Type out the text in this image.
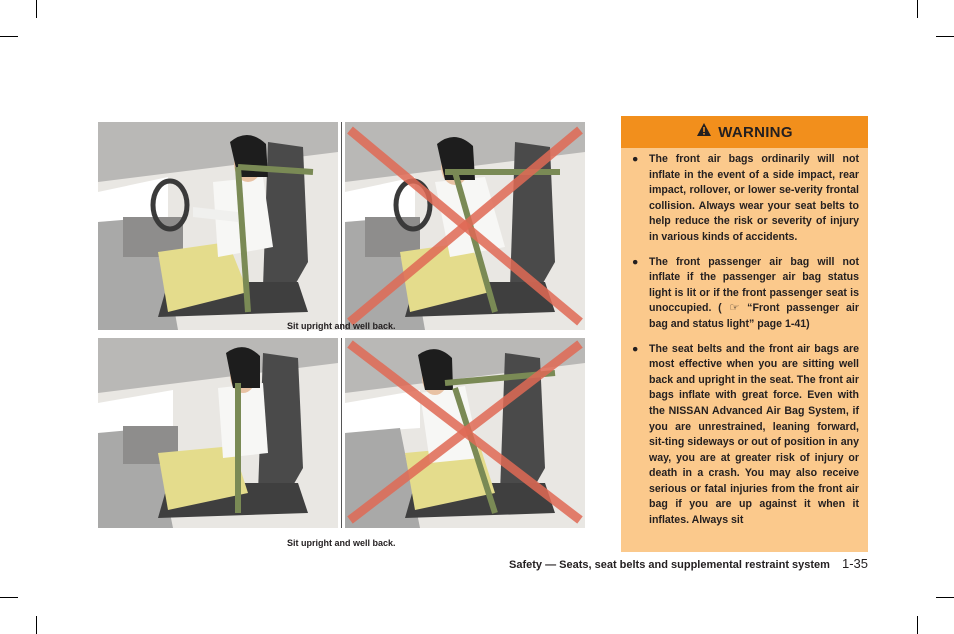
Sit upright and well back.
Sit upright and well back.
WARNING
● The front air bags ordinarily will not inflate in the event of a side impact, rear impact, rollover, or lower se-verity frontal collision. Always wear your seat belts to help reduce the risk or severity of injury in various kinds of accidents.
● The front passenger air bag will not inflate if the passenger air bag status light is lit or if the front passenger seat is unoccupied. ( ☞ “Front passenger air bag and status light” page 1-41)
● The seat belts and the front air bags are most effective when you are sitting well back and upright in the seat. The front air bags inflate with great force. Even with the NISSAN Advanced Air Bag System, if you are unrestrained, leaning forward, sit-ting sideways or out of position in any way, you are at greater risk of injury or death in a crash. You may also receive serious or fatal injuries from the front air bag if you are up against it when it inflates. Always sit
Safety — Seats, seat belts and supplemental restraint system 1-35
